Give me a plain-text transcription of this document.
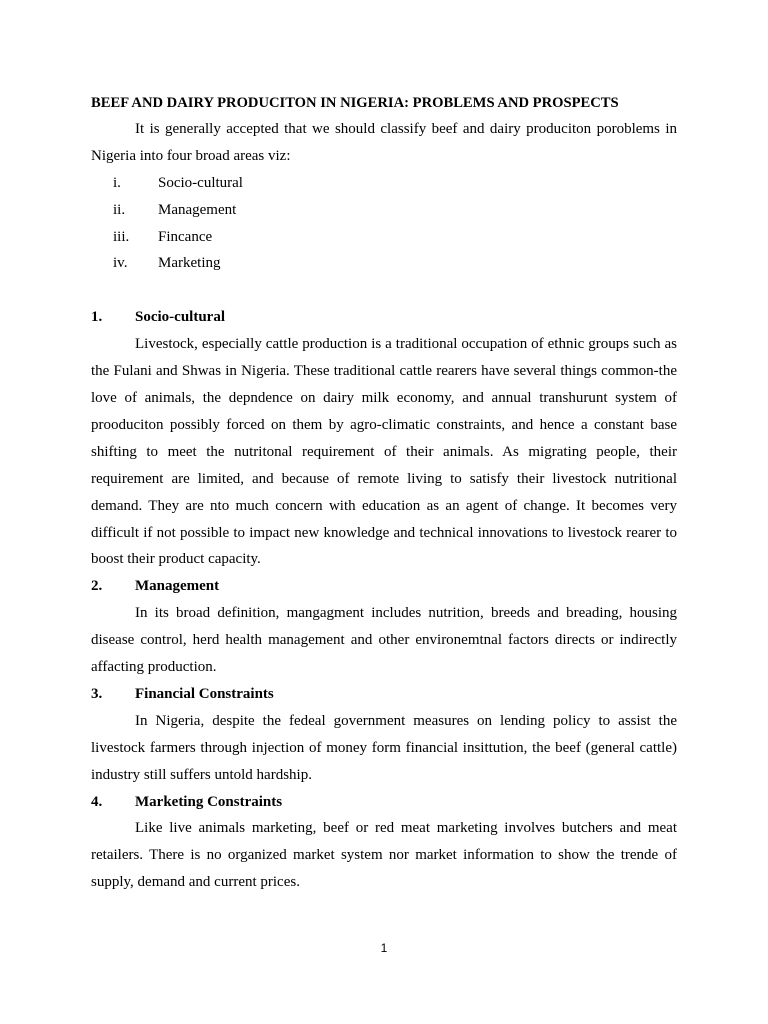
BEEF AND DAIRY PRODUCITON IN NIGERIA: PROBLEMS AND PROSPECTS

It is generally accepted that we should classify beef and dairy produciton poroblems in Nigeria into four broad areas viz:

i. Socio-cultural
ii. Management
iii. Fincance
iv. Marketing
1. Socio-cultural

Livestock, especially cattle production is a traditional occupation of ethnic groups such as the Fulani and Shwas in Nigeria. These traditional cattle rearers have several things common-the love of animals, the depndence on dairy milk economy, and annual transhurunt system of prooduciton possibly forced on them by agro-climatic constraints, and hence a constant base shifting to meet the nutritonal requirement of their animals. As migrating people, their requirement are limited, and because of remote living to satisfy their livestock nutritional demand. They are nto much concern with education as an agent of change. It becomes very difficult if not possible to impact new knowledge and technical innovations to livestock rearer to boost their product capacity.

2. Management

In its broad definition, mangagment includes nutrition, breeds and breading, housing disease control, herd health management and other environemtnal factors directs or indirectly affacting production.

3. Financial Constraints

In Nigeria, despite the fedeal government measures on lending policy to assist the livestock farmers through injection of money form financial insittution, the beef (general cattle) industry still suffers untold hardship.

4. Marketing Constraints

Like live animals marketing, beef or red meat marketing involves butchers and meat retailers. There is no organized market system nor market information to show the trende of supply, demand and current prices.

1
